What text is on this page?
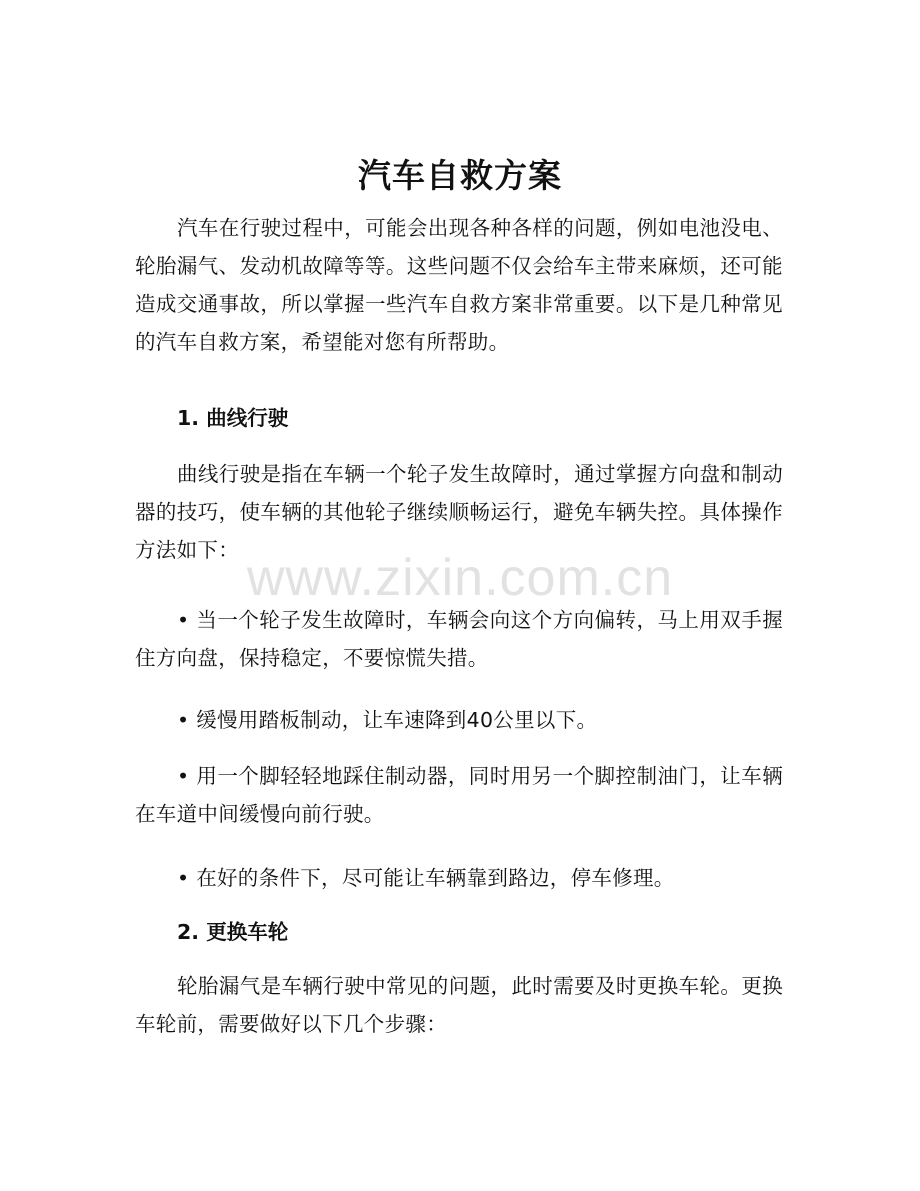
汽车自救方案
汽车在行驶过程中，可能会出现各种各样的问题，例如电池没电、轮胎漏气、发动机故障等等。这些问题不仅会给车主带来麻烦，还可能造成交通事故，所以掌握一些汽车自救方案非常重要。以下是几种常见的汽车自救方案，希望能对您有所帮助。
1. 曲线行驶
曲线行驶是指在车辆一个轮子发生故障时，通过掌握方向盘和制动器的技巧，使车辆的其他轮子继续顺畅运行，避免车辆失控。具体操作方法如下：
• 当一个轮子发生故障时，车辆会向这个方向偏转，马上用双手握住方向盘，保持稳定，不要惊慌失措。
• 缓慢用踏板制动，让车速降到40公里以下。
• 用一个脚轻轻地踩住制动器，同时用另一个脚控制油门，让车辆在车道中间缓慢向前行驶。
• 在好的条件下，尽可能让车辆靠到路边，停车修理。
2. 更换车轮
轮胎漏气是车辆行驶中常见的问题，此时需要及时更换车轮。更换车轮前，需要做好以下几个步骤：
www.zixin.com.cn
